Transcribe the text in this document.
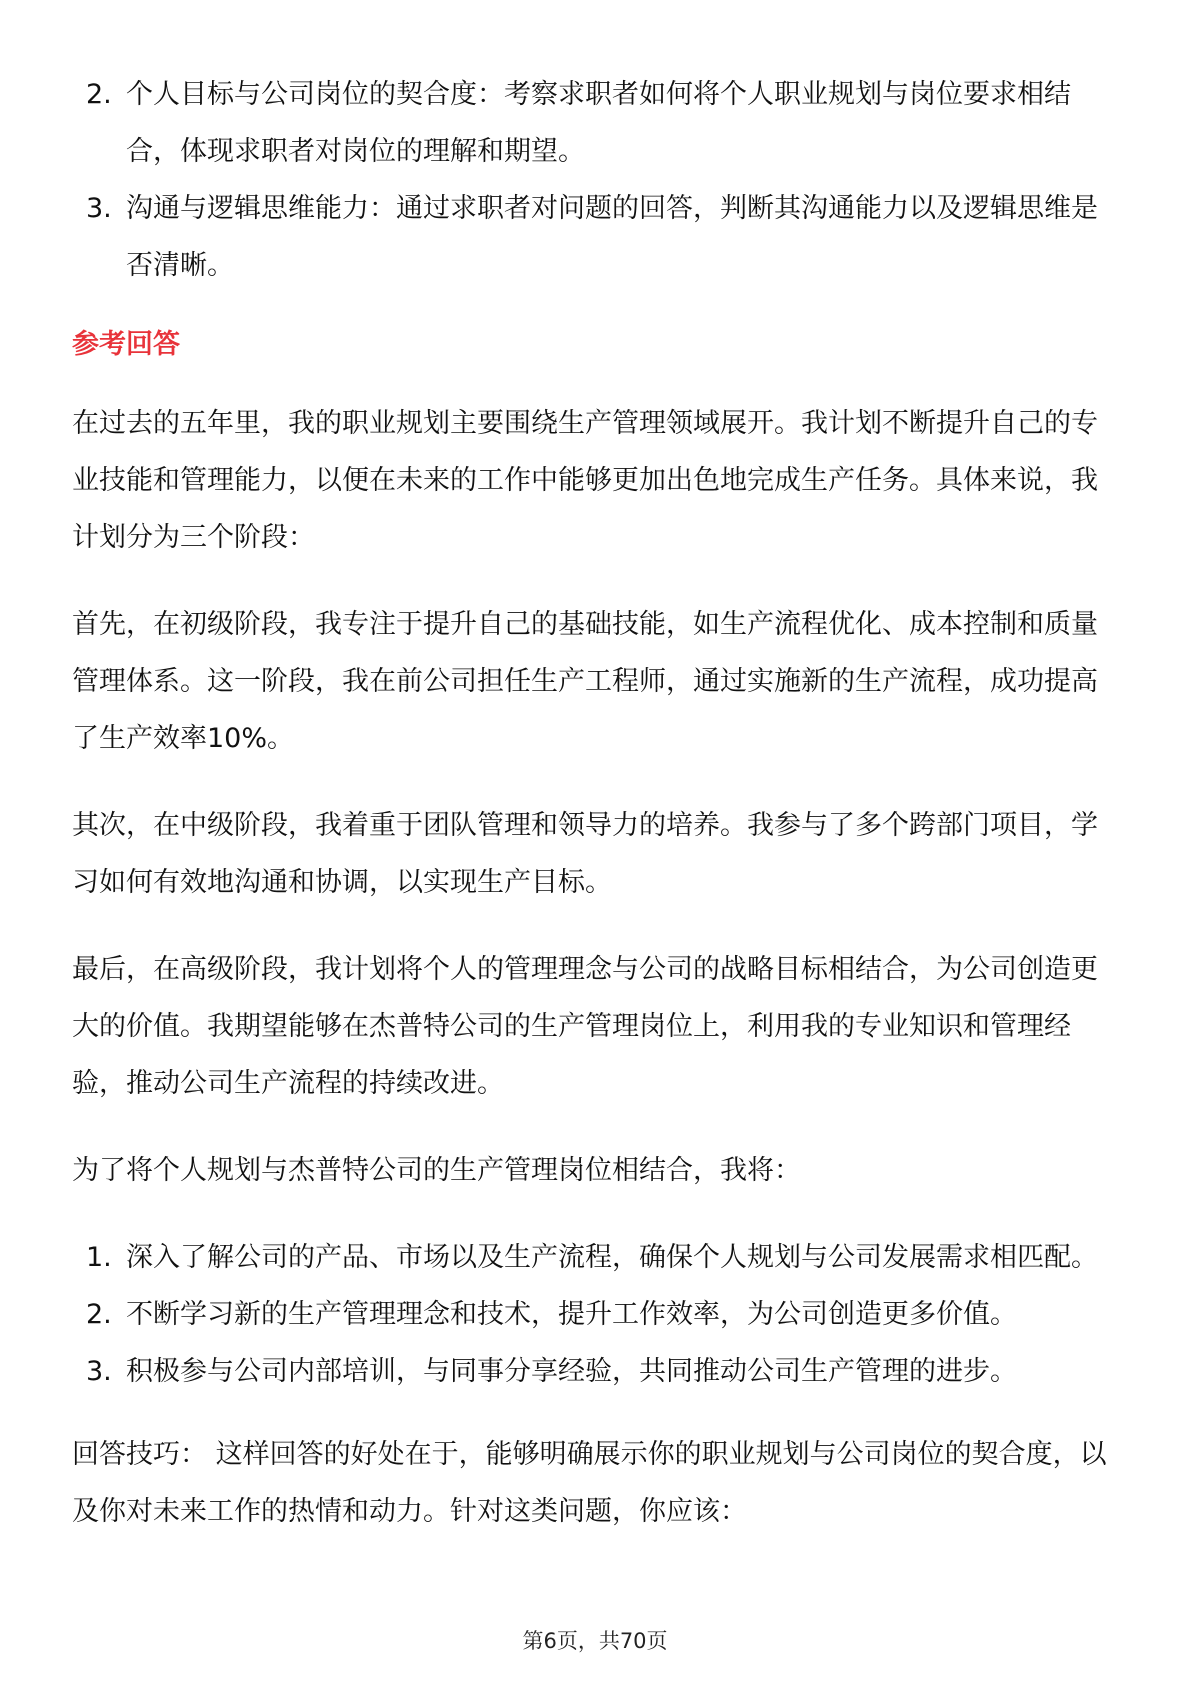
2. 个人目标与公司岗位的契合度：考察求职者如何将个人职业规划与岗位要求相结合，体现求职者对岗位的理解和期望。
3. 沟通与逻辑思维能力：通过求职者对问题的回答，判断其沟通能力以及逻辑思维是否清晰。
参考回答

在过去的五年里，我的职业规划主要围绕生产管理领域展开。我计划不断提升自己的专业技能和管理能力，以便在未来的工作中能够更加出色地完成生产任务。具体来说，我计划分为三个阶段：

首先，在初级阶段，我专注于提升自己的基础技能，如生产流程优化、成本控制和质量管理体系。这一阶段，我在前公司担任生产工程师，通过实施新的生产流程，成功提高了生产效率10%。

其次，在中级阶段，我着重于团队管理和领导力的培养。我参与了多个跨部门项目，学习如何有效地沟通和协调，以实现生产目标。

最后，在高级阶段，我计划将个人的管理理念与公司的战略目标相结合，为公司创造更大的价值。我期望能够在杰普特公司的生产管理岗位上，利用我的专业知识和管理经验，推动公司生产流程的持续改进。

为了将个人规划与杰普特公司的生产管理岗位相结合，我将：

1. 深入了解公司的产品、市场以及生产流程，确保个人规划与公司发展需求相匹配。
2. 不断学习新的生产管理理念和技术，提升工作效率，为公司创造更多价值。
3. 积极参与公司内部培训，与同事分享经验，共同推动公司生产管理的进步。

回答技巧： 这样回答的好处在于，能够明确展示你的职业规划与公司岗位的契合度，以及你对未来工作的热情和动力。针对这类问题，你应该：

第6页，共70页
